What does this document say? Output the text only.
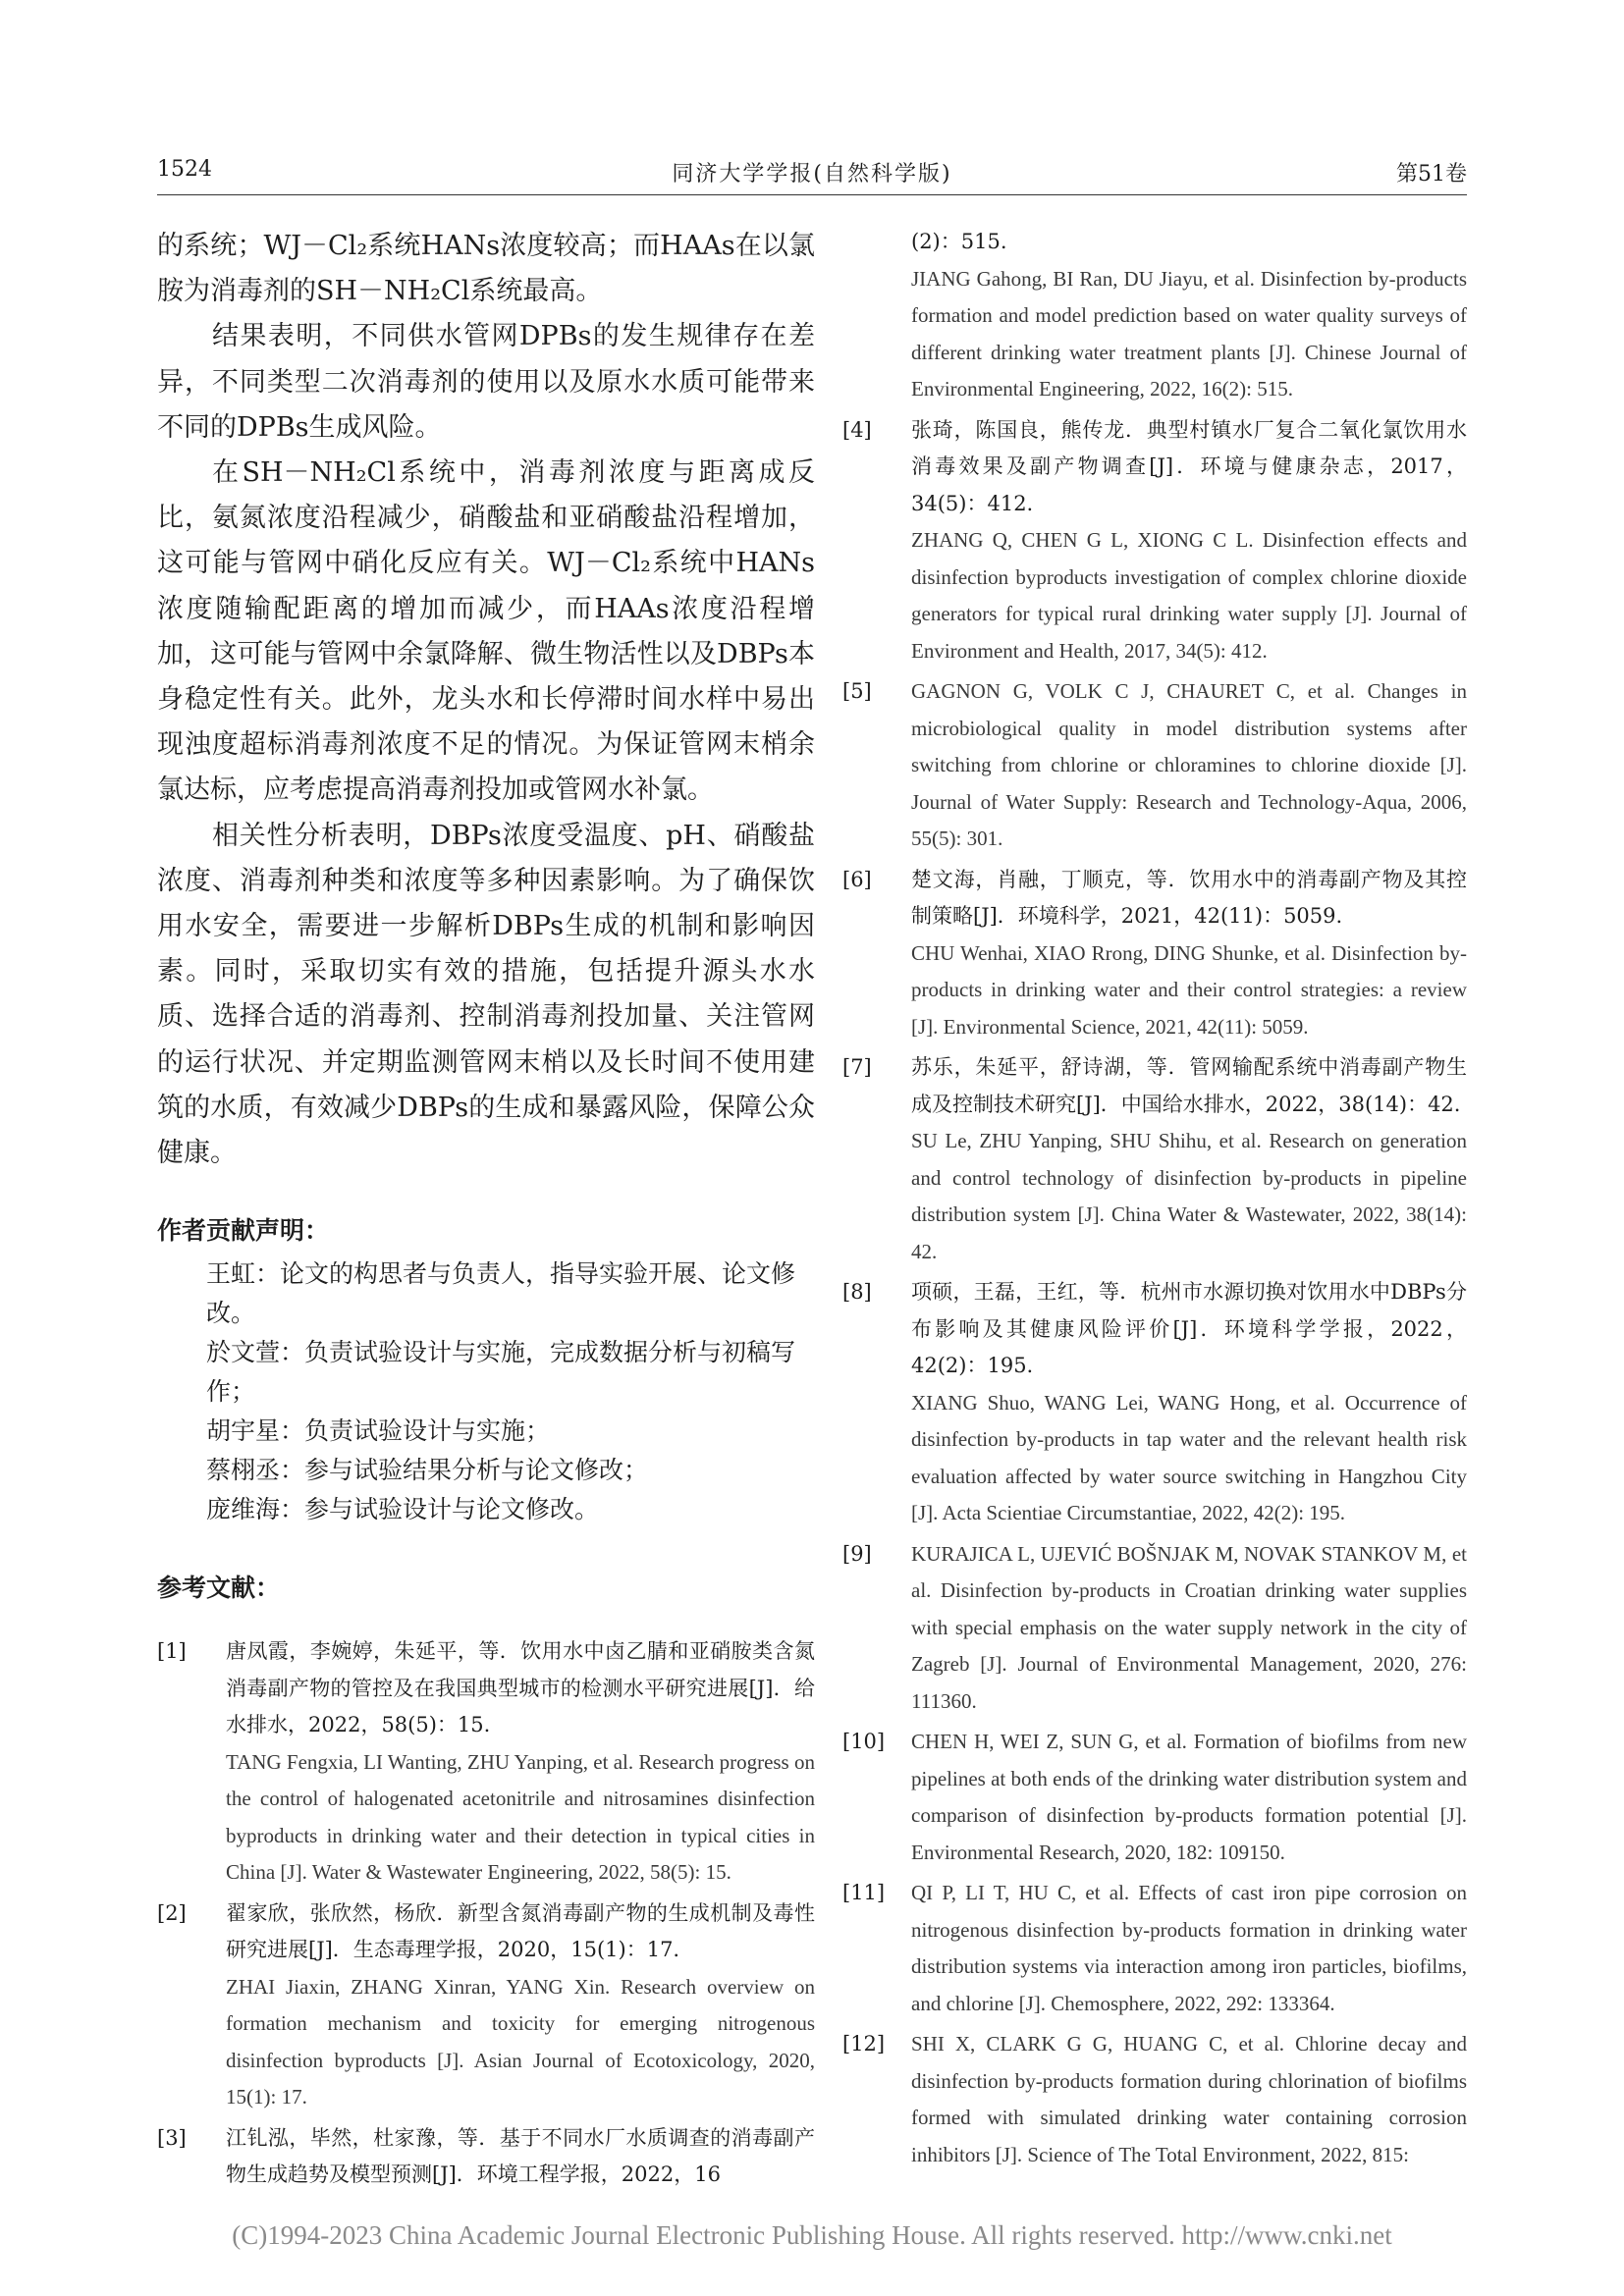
1524	同济大学学报(自然科学版)	第51卷

的系统；WJ－Cl₂系统HANs浓度较高；而HAAs在以氯胺为消毒剂的SH－NH₂Cl系统最高。

结果表明，不同供水管网DPBs的发生规律存在差异，不同类型二次消毒剂的使用以及原水水质可能带来不同的DPBs生成风险。

在SH－NH₂Cl系统中，消毒剂浓度与距离成反比，氨氮浓度沿程减少，硝酸盐和亚硝酸盐沿程增加，这可能与管网中硝化反应有关。WJ－Cl₂系统中HANs浓度随输配距离的增加而减少，而HAAs浓度沿程增加，这可能与管网中余氯降解、微生物活性以及DBPs本身稳定性有关。此外，龙头水和长停滞时间水样中易出现浊度超标消毒剂浓度不足的情况。为保证管网末梢余氯达标，应考虑提高消毒剂投加或管网水补氯。

相关性分析表明，DBPs浓度受温度、pH、硝酸盐浓度、消毒剂种类和浓度等多种因素影响。为了确保饮用水安全，需要进一步解析DBPs生成的机制和影响因素。同时，采取切实有效的措施，包括提升源头水水质、选择合适的消毒剂、控制消毒剂投加量、关注管网的运行状况、并定期监测管网末梢以及长时间不使用建筑的水质，有效减少DBPs的生成和暴露风险，保障公众健康。

作者贡献声明：

王虹：论文的构思者与负责人，指导实验开展、论文修改。
於文萱：负责试验设计与实施，完成数据分析与初稿写作；
胡宇星：负责试验设计与实施；
蔡栩丞：参与试验结果分析与论文修改；
庞维海：参与试验设计与论文修改。

参考文献：

[1] 唐凤霞，李婉婷，朱延平，等．饮用水中卤乙腈和亚硝胺类含氮消毒副产物的管控及在我国典型城市的检测水平研究进展[J]．给水排水，2022，58(5)：15.
TANG Fengxia, LI Wanting, ZHU Yanping, et al. Research progress on the control of halogenated acetonitrile and nitrosamines disinfection byproducts in drinking water and their detection in typical cities in China [J]. Water & Wastewater Engineering, 2022, 58(5): 15.
[2] 翟家欣，张欣然，杨欣．新型含氮消毒副产物的生成机制及毒性研究进展[J]．生态毒理学报，2020，15(1)：17.
ZHAI Jiaxin, ZHANG Xinran, YANG Xin. Research overview on formation mechanism and toxicity for emerging nitrogenous disinfection byproducts [J]. Asian Journal of Ecotoxicology, 2020, 15(1): 17.
[3] 江钆泓，毕然，杜家豫，等．基于不同水厂水质调查的消毒副产物生成趋势及模型预测[J]．环境工程学报，2022，16
(2)：515.
JIANG Gahong, BI Ran, DU Jiayu, et al. Disinfection by-products formation and model prediction based on water quality surveys of different drinking water treatment plants [J]. Chinese Journal of Environmental Engineering, 2022, 16(2): 515.
[4] 张琦，陈国良，熊传龙．典型村镇水厂复合二氧化氯饮用水消毒效果及副产物调查[J]．环境与健康杂志，2017，34(5)：412.
ZHANG Q, CHEN G L, XIONG C L. Disinfection effects and disinfection byproducts investigation of complex chlorine dioxide generators for typical rural drinking water supply [J]. Journal of Environment and Health, 2017, 34(5): 412.
[5] GAGNON G, VOLK C J, CHAURET C, et al. Changes in microbiological quality in model distribution systems after switching from chlorine or chloramines to chlorine dioxide [J]. Journal of Water Supply: Research and Technology-Aqua, 2006, 55(5): 301.
[6] 楚文海，肖融，丁顺克，等．饮用水中的消毒副产物及其控制策略[J]．环境科学，2021，42(11)：5059.
CHU Wenhai, XIAO Rrong, DING Shunke, et al. Disinfection by-products in drinking water and their control strategies: a review [J]. Environmental Science, 2021, 42(11): 5059.
[7] 苏乐，朱延平，舒诗湖，等．管网输配系统中消毒副产物生成及控制技术研究[J]．中国给水排水，2022，38(14)：42.
SU Le, ZHU Yanping, SHU Shihu, et al. Research on generation and control technology of disinfection by-products in pipeline distribution system [J]. China Water & Wastewater, 2022, 38(14): 42.
[8] 项硕，王磊，王红，等．杭州市水源切换对饮用水中DBPs分布影响及其健康风险评价[J]．环境科学学报，2022，42(2)：195.
XIANG Shuo, WANG Lei, WANG Hong, et al. Occurrence of disinfection by-products in tap water and the relevant health risk evaluation affected by water source switching in Hangzhou City [J]. Acta Scientiae Circumstantiae, 2022, 42(2): 195.
[9] KURAJICA L, UJEVIĆ BOŠNJAK M, NOVAK STANKOV M, et al. Disinfection by-products in Croatian drinking water supplies with special emphasis on the water supply network in the city of Zagreb [J]. Journal of Environmental Management, 2020, 276: 111360.
[10] CHEN H, WEI Z, SUN G, et al. Formation of biofilms from new pipelines at both ends of the drinking water distribution system and comparison of disinfection by-products formation potential [J]. Environmental Research, 2020, 182: 109150.
[11] QI P, LI T, HU C, et al. Effects of cast iron pipe corrosion on nitrogenous disinfection by-products formation in drinking water distribution systems via interaction among iron particles, biofilms, and chlorine [J]. Chemosphere, 2022, 292: 133364.
[12] SHI X, CLARK G G, HUANG C, et al. Chlorine decay and disinfection by-products formation during chlorination of biofilms formed with simulated drinking water containing corrosion inhibitors [J]. Science of The Total Environment, 2022, 815:
(C)1994-2023 China Academic Journal Electronic Publishing House. All rights reserved. http://www.cnki.net
